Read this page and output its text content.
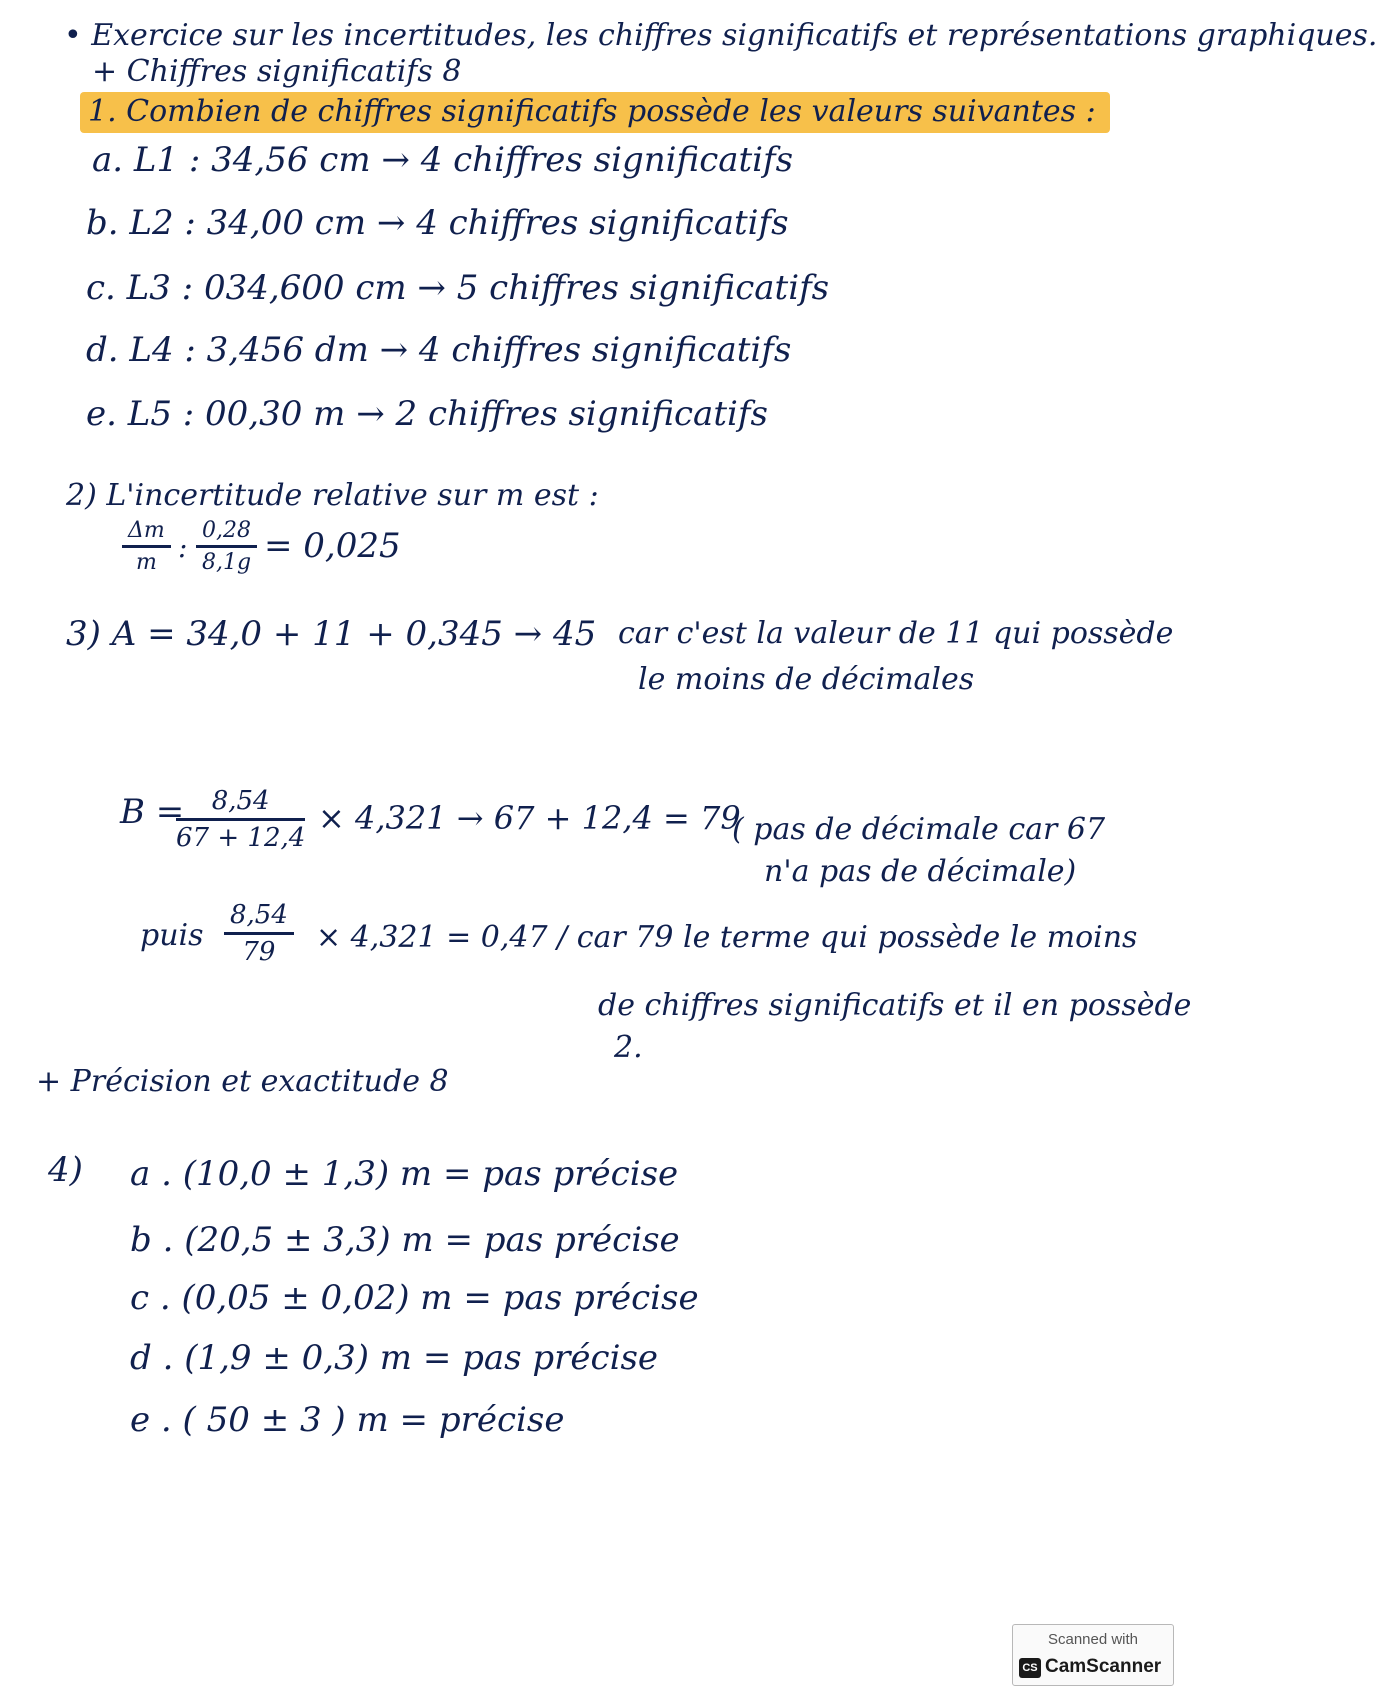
• Exercice sur les incertitudes, les chiffres significatifs et représentations graphiques.
+ Chiffres significatifs 8
1. Combien de chiffres significatifs possède les valeurs suivantes :
a. L1 : 34,56 cm → 4 chiffres significatifs
b. L2 : 34,00 cm → 4 chiffres significatifs
c. L3 : 034,600 cm → 5 chiffres significatifs
d. L4 : 3,456 dm → 4 chiffres significatifs
e. L5 : 00,30 m → 2 chiffres significatifs
2) L'incertitude relative sur m est :
$\frac{\Delta m}{m}$ : $\frac{0,28}{8,1g} = 0,025$
3) A = 34,0 + 11 + 0,345 → 45 car c'est la valeur de 11 qui possède
le moins de décimales
B =
$\frac{8,54}{67 + 12,4} \times 4,321 \to 67 + 12,4 = 79$
( pas de décimale car 67
n'a pas de décimale)
puis $\frac{8,54}{79} \times 4,321 = 0,47$ / car 79 le terme qui possède le moins
de chiffres significatifs et il en possède
2.
+ Précision et exactitude 8
4) a . (10,0 ± 1,3) m = pas précise
b . (20,5 ± 3,3) m = pas précise
c . (0,05 ± 0,02) m = pas précise
d . (1,9 ± 0,3) m = pas précise
e . ( 50 ± 3 ) m = précise
Scanned with
CS CamScanner
